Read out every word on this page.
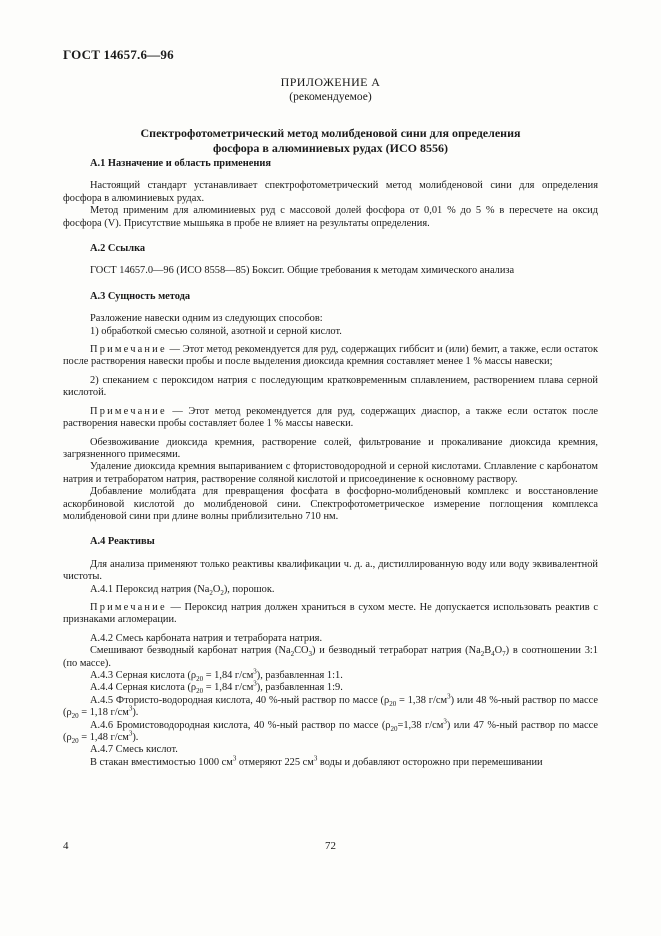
ГОСТ 14657.6—96
ПРИЛОЖЕНИЕ А
(рекомендуемое)
Спектрофотометрический метод молибденовой сини для определения
фосфора в алюминиевых рудах (ИСО 8556)
А.1 Назначение и область применения

Настоящий стандарт устанавливает спектрофотометрический метод молибденовой сини для определения фосфора в алюминиевых рудах.

Метод применим для алюминиевых руд с массовой долей фосфора от 0,01 % до 5 % в пересчете на оксид фосфора (V). Присутствие мышьяка в пробе не влияет на результаты определения.

А.2 Ссылка

ГОСТ 14657.0—96 (ИСО 8558—85) Боксит. Общие требования к методам химического анализа

А.3 Сущность метода

Разложение навески одним из следующих способов:

1) обработкой смесью соляной, азотной и серной кислот.

Примечание — Этот метод рекомендуется для руд, содержащих гиббсит и (или) бемит, а также, если остаток после растворения навески пробы и после выделения диоксида кремния составляет менее 1 % массы навески;

2) спеканием с пероксидом натрия с последующим кратковременным сплавлением, растворением плава серной кислотой.

Примечание — Этот метод рекомендуется для руд, содержащих диаспор, а также если остаток после растворения навески пробы составляет более 1 % массы навески.

Обезвоживание диоксида кремния, растворение солей, фильтрование и прокаливание диоксида кремния, загрязненного примесями.

Удаление диоксида кремния выпариванием с фтористоводородной и серной кислотами. Сплавление с карбонатом натрия и тетраборатом натрия, растворение соляной кислотой и присоединение к основному раствору.

Добавление молибдата для превращения фосфата в фосфорно-молибденовый комплекс и восстановление аскорбиновой кислотой до молибденовой сини. Спектрофотометрическое измерение поглощения комплекса молибденовой сини при длине волны приблизительно 710 нм.

А.4 Реактивы

Для анализа применяют только реактивы квалификации ч. д. а., дистиллированную воду или воду эквивалентной чистоты.

А.4.1 Пероксид натрия $(Na_2O_2)$, порошок.

Примечание — Пероксид натрия должен храниться в сухом месте. Не допускается использовать реактив с признаками агломерации.

А.4.2 Смесь карбоната натрия и тетрабората натрия.

Смешивают безводный карбонат натрия $(Na_2CO_3)$ и безводный тетраборат натрия $(Na_2B_4O_7)$ в соотношении 3:1 (по массе).

А.4.3 Серная кислота ($\rho_{20} = 1,84$ $г/см^3$), разбавленная 1:1.

А.4.4 Серная кислота ($\rho_{20} = 1,84$ $г/см^3$), разбавленная 1:9.

А.4.5 Фтористо-водородная кислота, 40 %-ный раствор по массе ($\rho_{20} = 1,38$ $г/см^3$) или 48 %-ный раствор по массе ($\rho_{20} = 1,18$ $г/см^3$).

А.4.6 Бромистоводородная кислота, 40 %-ный раствор по массе ($\rho_{20}=1,38$ $г/см^3$) или 47 %-ный раствор по массе ($\rho_{20} = 1,48$ $г/см^3$).

А.4.7 Смесь кислот.

В стакан вместимостью 1000 $см^3$ отмеряют 225 $см^3$ воды и добавляют осторожно при перемешивании

4	72
